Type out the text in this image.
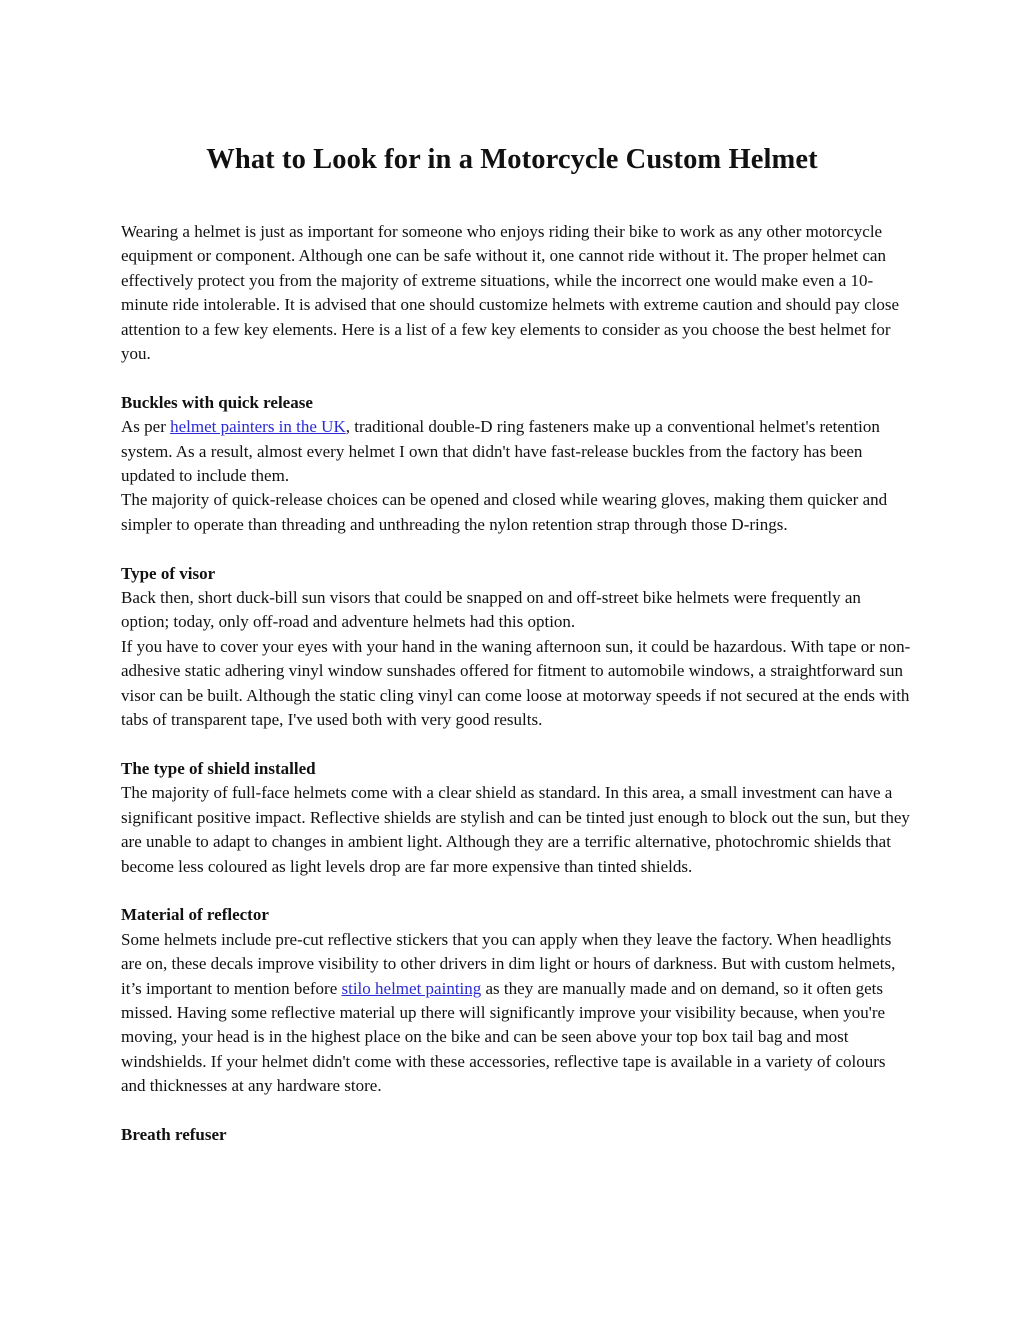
What to Look for in a Motorcycle Custom Helmet

Wearing a helmet is just as important for someone who enjoys riding their bike to work as any other motorcycle equipment or component. Although one can be safe without it, one cannot ride without it. The proper helmet can effectively protect you from the majority of extreme situations, while the incorrect one would make even a 10-minute ride intolerable. It is advised that one should customize helmets with extreme caution and should pay close attention to a few key elements. Here is a list of a few key elements to consider as you choose the best helmet for you.

Buckles with quick release
As per helmet painters in the UK, traditional double-D ring fasteners make up a conventional helmet's retention system. As a result, almost every helmet I own that didn't have fast-release buckles from the factory has been updated to include them.
The majority of quick-release choices can be opened and closed while wearing gloves, making them quicker and simpler to operate than threading and unthreading the nylon retention strap through those D-rings.
Type of visor
Back then, short duck-bill sun visors that could be snapped on and off-street bike helmets were frequently an option; today, only off-road and adventure helmets had this option.
If you have to cover your eyes with your hand in the waning afternoon sun, it could be hazardous. With tape or non-adhesive static adhering vinyl window sunshades offered for fitment to automobile windows, a straightforward sun visor can be built. Although the static cling vinyl can come loose at motorway speeds if not secured at the ends with tabs of transparent tape, I've used both with very good results.
The type of shield installed
The majority of full-face helmets come with a clear shield as standard. In this area, a small investment can have a significant positive impact. Reflective shields are stylish and can be tinted just enough to block out the sun, but they are unable to adapt to changes in ambient light. Although they are a terrific alternative, photochromic shields that become less coloured as light levels drop are far more expensive than tinted shields.
Material of reflector
Some helmets include pre-cut reflective stickers that you can apply when they leave the factory. When headlights are on, these decals improve visibility to other drivers in dim light or hours of darkness. But with custom helmets, it’s important to mention before stilo helmet painting as they are manually made and on demand, so it often gets missed. Having some reflective material up there will significantly improve your visibility because, when you're moving, your head is in the highest place on the bike and can be seen above your top box tail bag and most windshields. If your helmet didn't come with these accessories, reflective tape is available in a variety of colours and thicknesses at any hardware store.
Breath refuser
